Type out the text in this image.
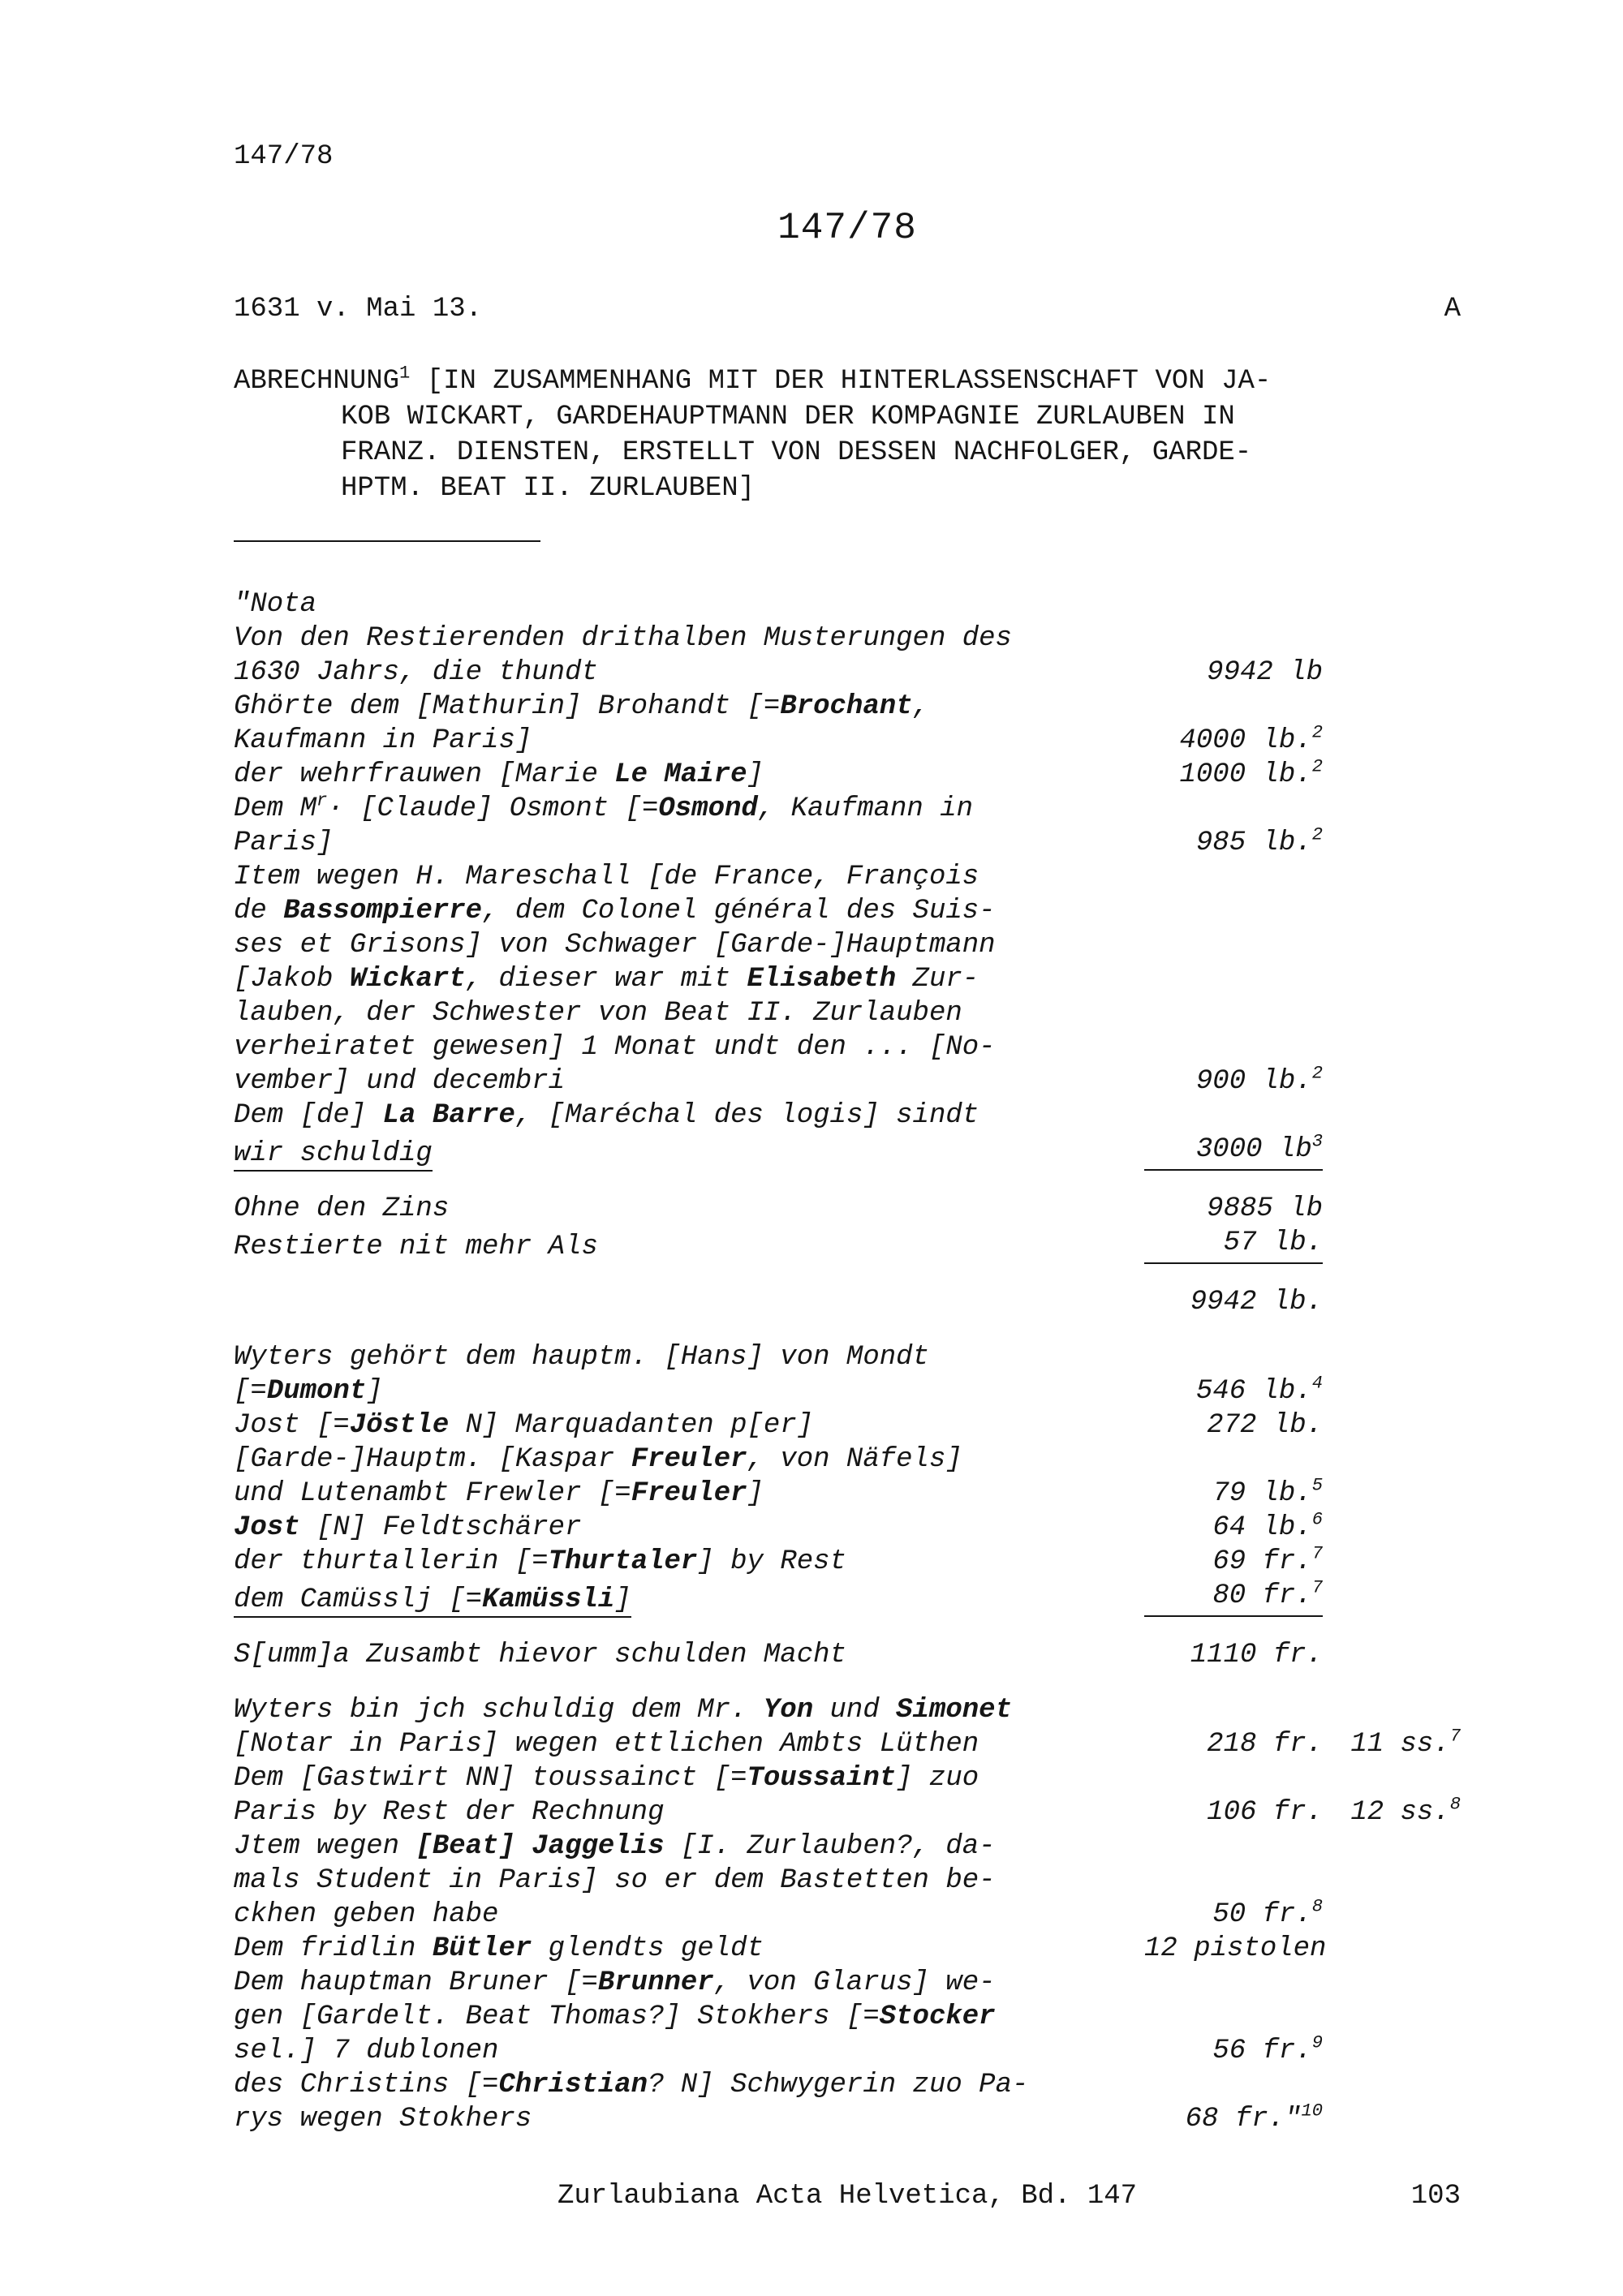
147/78
147/78
1631 v. Mai 13.	A
ABRECHNUNG$^1$ [IN ZUSAMMENHANG MIT DER HINTERLASSENSCHAFT VON JA-
KOB WICKART, GARDEHAUPTMANN DER KOMPAGNIE ZURLAUBEN IN
FRANZ. DIENSTEN, ERSTELLT VON DESSEN NACHFOLGER, GARDE-
HPTM. BEAT II. ZURLAUBEN]
"Nota
Von den Restierenden drithalben Musterungen des
1630 Jahrs, die thundt	9942 lb
Ghörte dem [Mathurin] Brohandt [=Brochant,
Kaufmann in Paris]	4000 lb.$^2$
der wehrfrauwen [Marie Le Maire]	1000 lb.$^2$
Dem $M^r\cdot$ [Claude] Osmont [=Osmond, Kaufmann in
Paris]	985 lb.$^2$
Item wegen H. Mareschall [de France, François
de Bassompierre, dem Colonel général des Suis-
ses et Grisons] von Schwager [Garde-]Hauptmann
[Jakob Wickart, dieser war mit Elisabeth Zur-
lauben, der Schwester von Beat II. Zurlauben
verheiratet gewesen] 1 Monat undt den ... [No-
vember] und decembri	900 lb.$^2$
Dem [de] La Barre, [Maréchal des logis] sindt
wir schuldig	3000 $lb^3$
Ohne den Zins	9885 lb
Restierte nit mehr Als	57 lb.
9942 lb.
Wyters gehört dem hauptm. [Hans] von Mondt
[=Dumont]	546 lb.$^4$
Jost [=Jöstle N] Marquadanten p[er]	272 lb.
[Garde-]Hauptm. [Kaspar Freuler, von Näfels]
und Lutenambt Frewler [=Freuler]	79 lb.$^5$
Jost [N] Feldtschärer	64 lb.$^6$
der thurtallerin [=Thurtaler] by Rest	69 fr.$^7$
dem Camüsslj [=Kamüssli]	80 fr.$^7$
S[umm]a Zusambt hievor schulden Macht	1110 fr.
Wyters bin jch schuldig dem Mr. Yon und Simonet
[Notar in Paris] wegen ettlichen Ambts Lüthen	218 fr.	11 ss.$^7$
Dem [Gastwirt NN] toussainct [=Toussaint] zuo
Paris by Rest der Rechnung	106 fr.	12 ss.$^8$
Jtem wegen [Beat] Jaggelis [I. Zurlauben?, da-
mals Student in Paris] so er dem Bastetten be-
ckhen geben habe	50 fr.$^8$
Dem fridlin Bütler glendts geldt	12 pistolen
Dem hauptman Bruner [=Brunner, von Glarus] we-
gen [Gardelt. Beat Thomas?] Stokhers [=Stocker
sel.] 7 dublonen	56 fr.$^9$
des Christins [=Christian? N] Schwygerin zuo Pa-
rys wegen Stokhers	68 fr."$^{10}$
Zurlaubiana Acta Helvetica, Bd. 147	103
